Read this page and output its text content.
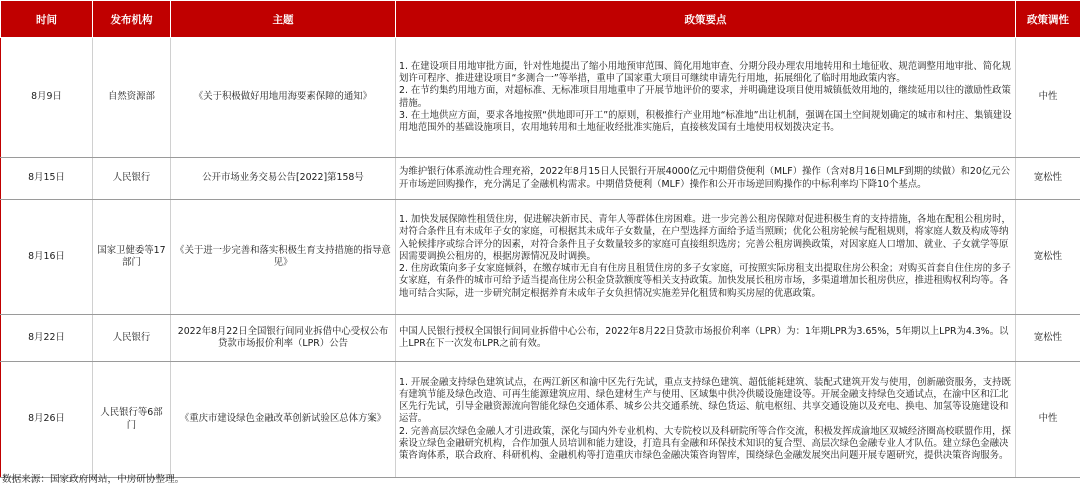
时间	发布机构	主题	政策要点	政策调性
8月9日	自然资源部	《关于积极做好用地用海要素保障的通知》	1. 在建设项目用地审批方面，针对性地提出了缩小用地预审范围、简化用地审查、分期分段办理农用地转用和土地征收、规范调整用地审批、简化规划许可程序、推进建设项目“多测合一”等举措，重申了国家重大项目可继续申请先行用地，拓展细化了临时用地政策内容。

2. 在节约集约用地方面，对超标准、无标准项目用地重申了开展节地评价的要求，并明确建设项目使用城镇低效用地的，继续延用以往的激励性政策措施。

3. 在土地供应方面，要求各地按照“供地即可开工”的原则，积极推行产业用地“标准地”出让机制，强调在国土空间规划确定的城市和村庄、集镇建设用地范围外的基础设施项目，农用地转用和土地征收经批准实施后，直接核发国有土地使用权划拨决定书。	中性
8月15日	人民银行	公开市场业务交易公告[2022]第158号	为维护银行体系流动性合理充裕，2022年8月15日人民银行开展4000亿元中期借贷便利（MLF）操作（含对8月16日MLF到期的续做）和20亿元公开市场逆回购操作，充分满足了金融机构需求。中期借贷便利（MLF）操作和公开市场逆回购操作的中标利率均下降10个基点。	宽松性
8月16日	国家卫健委等17部门	《关于进一步完善和落实积极生育支持措施的指导意见》	1. 加快发展保障性租赁住房，促进解决新市民、青年人等群体住房困难。进一步完善公租房保障对促进积极生育的支持措施，各地在配租公租房时，对符合条件且有未成年子女的家庭，可根据其未成年子女数量，在户型选择方面给予适当照顾；优化公租房轮候与配租规则，将家庭人数及构成等纳入轮候排序或综合评分的因素，对符合条件且子女数量较多的家庭可直接组织选房；完善公租房调换政策，对因家庭人口增加、就业、子女就学等原因需要调换公租房的，根据房源情况及时调换。

2. 住房政策向多子女家庭倾斜，在缴存城市无自有住房且租赁住房的多子女家庭，可按照实际房租支出提取住房公积金；对购买首套自住住房的多子女家庭，有条件的城市可给予适当提高住房公积金贷款额度等相关支持政策。加快发展长租房市场，多渠道增加长租房供应，推进租购权利均等。各地可结合实际，进一步研究制定根据养育未成年子女负担情况实施差异化租赁和购买房屋的优惠政策。	宽松性
8月22日	人民银行	2022年8月22日全国银行间同业拆借中心受权公布贷款市场报价利率（LPR）公告	中国人民银行授权全国银行间同业拆借中心公布，2022年8月22日贷款市场报价利率（LPR）为：1年期LPR为3.65%，5年期以上LPR为4.3%。以上LPR在下一次发布LPR之前有效。	宽松性
8月26日	人民银行等6部门	《重庆市建设绿色金融改革创新试验区总体方案》	1. 开展金融支持绿色建筑试点，在两江新区和渝中区先行先试，重点支持绿色建筑、超低能耗建筑、装配式建筑开发与使用，创新融资服务，支持既有建筑节能及绿色改造、可再生能源建筑应用、绿色建材生产与使用、区域集中供冷供暖设施建设等。开展金融支持绿色交通试点，在渝中区和江北区先行先试，引导金融资源流向智能化绿色交通体系、城乡公共交通系统、绿色货运、航电枢纽、共享交通设施以及充电、换电、加氢等设施建设和运营。

2. 完善高层次绿色金融人才引进政策，深化与国内外专业机构、大专院校以及科研院所等合作交流，积极发挥成渝地区双城经济圈高校联盟作用，探索设立绿色金融研究机构，合作加强人员培训和能力建设，打造具有金融和环保技术知识的复合型、高层次绿色金融专业人才队伍。建立绿色金融决策咨询体系，联合政府、科研机构、金融机构等打造重庆市绿色金融决策咨询智库，围绕绿色金融发展突出问题开展专题研究，提供决策咨询服务。	中性
数据来源：国家政府网站，中房研协整理。
